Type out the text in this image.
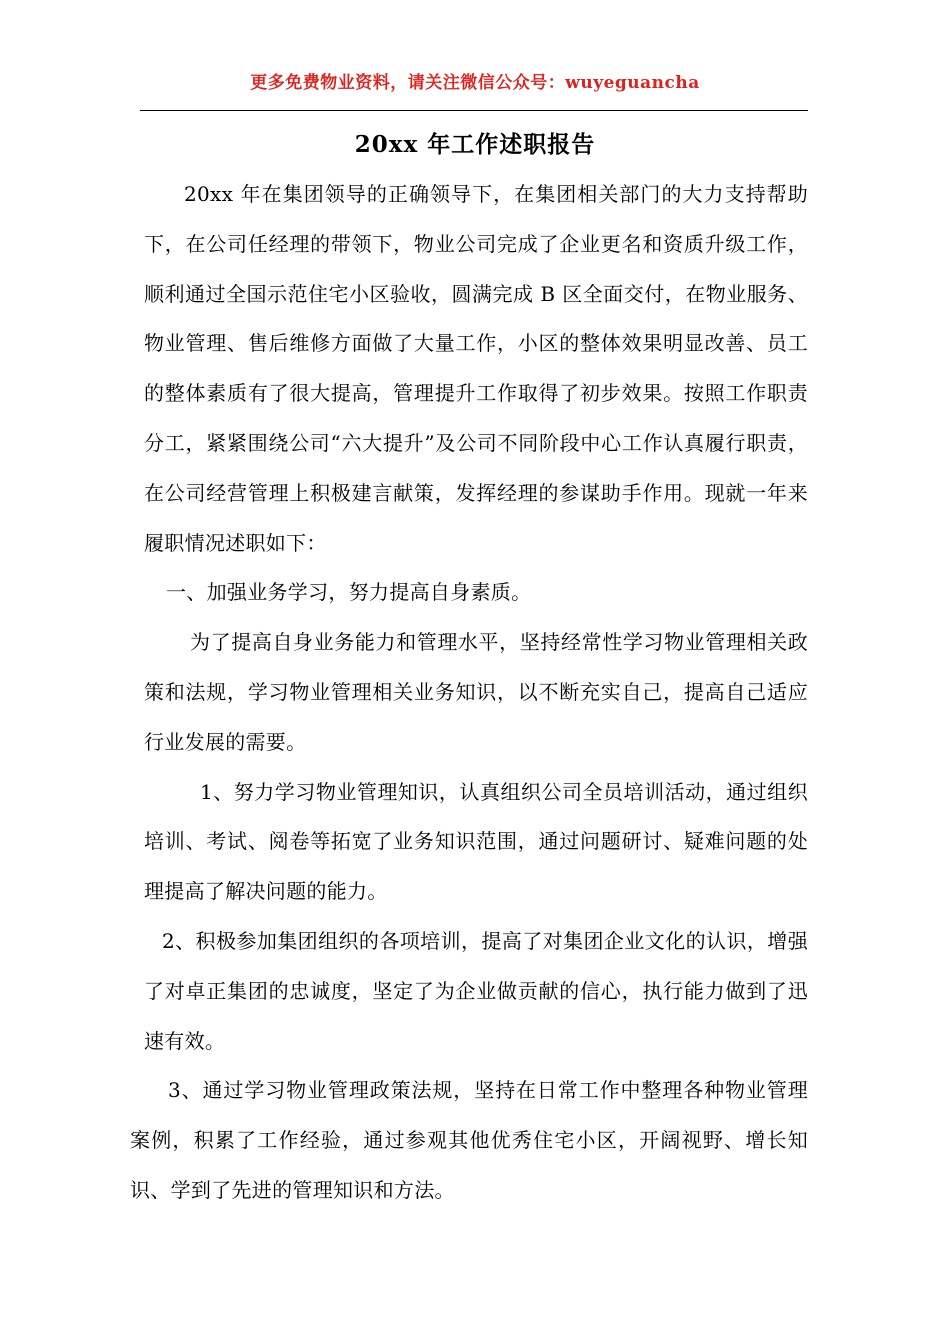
更多免费物业资料，请关注微信公众号：wuyeguancha
20xx 年工作述职报告

20xx 年在集团领导的正确领导下，在集团相关部门的大力支持帮助下，在公司任经理的带领下，物业公司完成了企业更名和资质升级工作，顺利通过全国示范住宅小区验收，圆满完成 B 区全面交付，在物业服务、物业管理、售后维修方面做了大量工作，小区的整体效果明显改善、员工的整体素质有了很大提高，管理提升工作取得了初步效果。按照工作职责分工，紧紧围绕公司“六大提升”及公司不同阶段中心工作认真履行职责，在公司经营管理上积极建言献策，发挥经理的参谋助手作用。现就一年来履职情况述职如下：

一、加强业务学习，努力提高自身素质。

为了提高自身业务能力和管理水平，坚持经常性学习物业管理相关政策和法规，学习物业管理相关业务知识，以不断充实自己，提高自己适应行业发展的需要。

1、努力学习物业管理知识，认真组织公司全员培训活动，通过组织培训、考试、阅卷等拓宽了业务知识范围，通过问题研讨、疑难问题的处理提高了解决问题的能力。

2、积极参加集团组织的各项培训，提高了对集团企业文化的认识，增强了对卓正集团的忠诚度，坚定了为企业做贡献的信心，执行能力做到了迅速有效。

3、通过学习物业管理政策法规，坚持在日常工作中整理各种物业管理案例，积累了工作经验，通过参观其他优秀住宅小区，开阔视野、增长知识、学到了先进的管理知识和方法。
